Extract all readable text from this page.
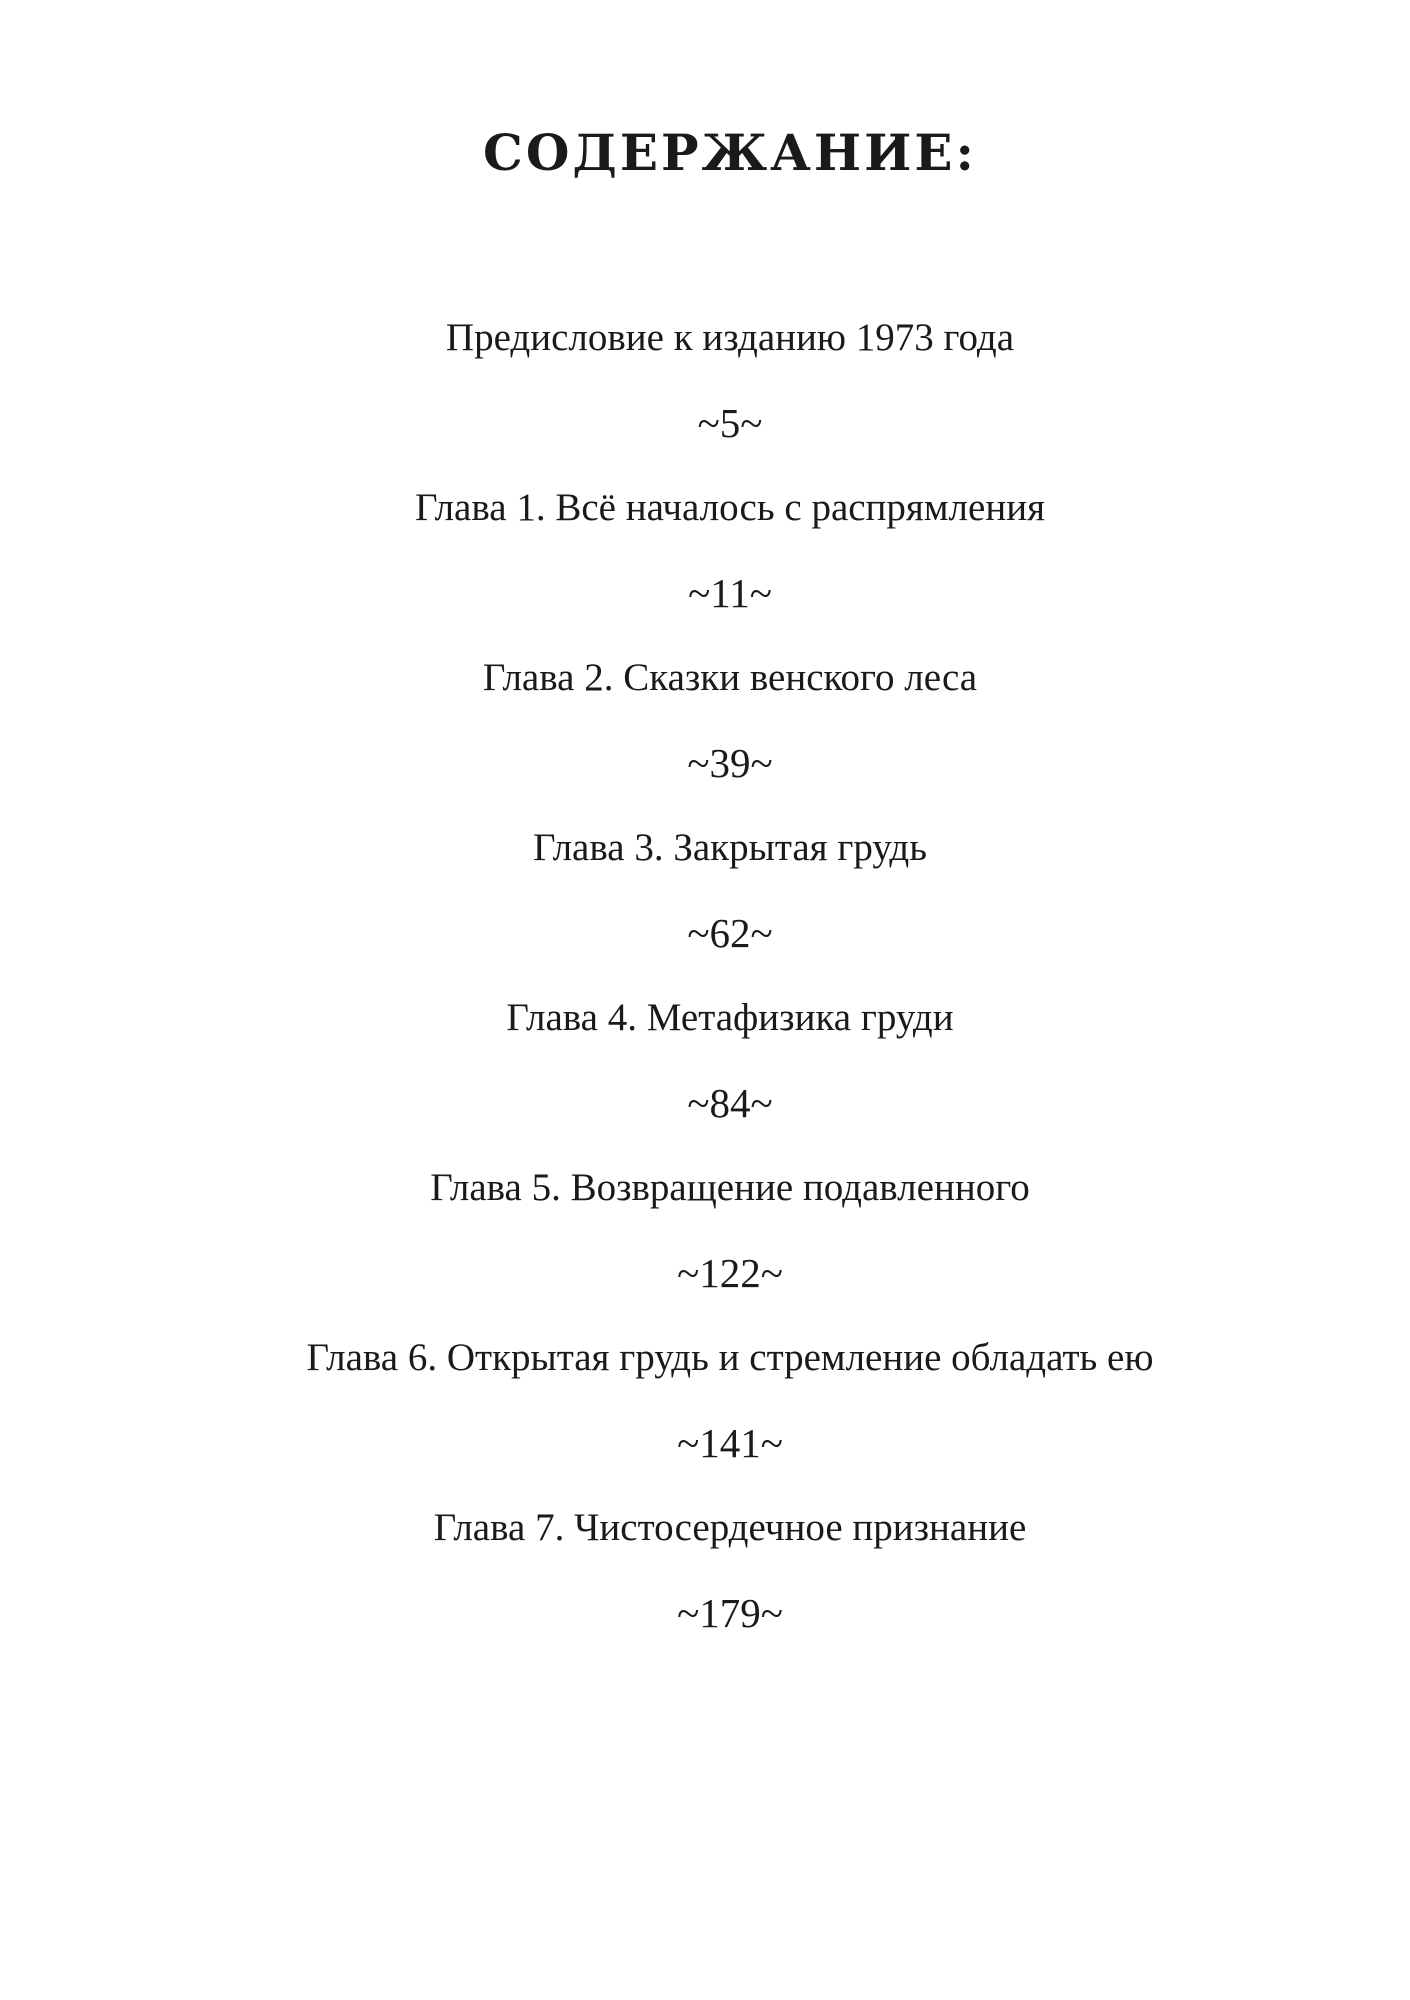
СОДЕРЖАНИЕ:
Предисловие к изданию 1973 года
~5~
Глава 1. Всё началось с распрямления
~11~
Глава 2. Сказки венского леса
~39~
Глава 3. Закрытая грудь
~62~
Глава 4. Метафизика груди
~84~
Глава 5. Возвращение подавленного
~122~
Глава 6. Открытая грудь и стремление обладать ею
~141~
Глава 7. Чистосердечное признание
~179~
